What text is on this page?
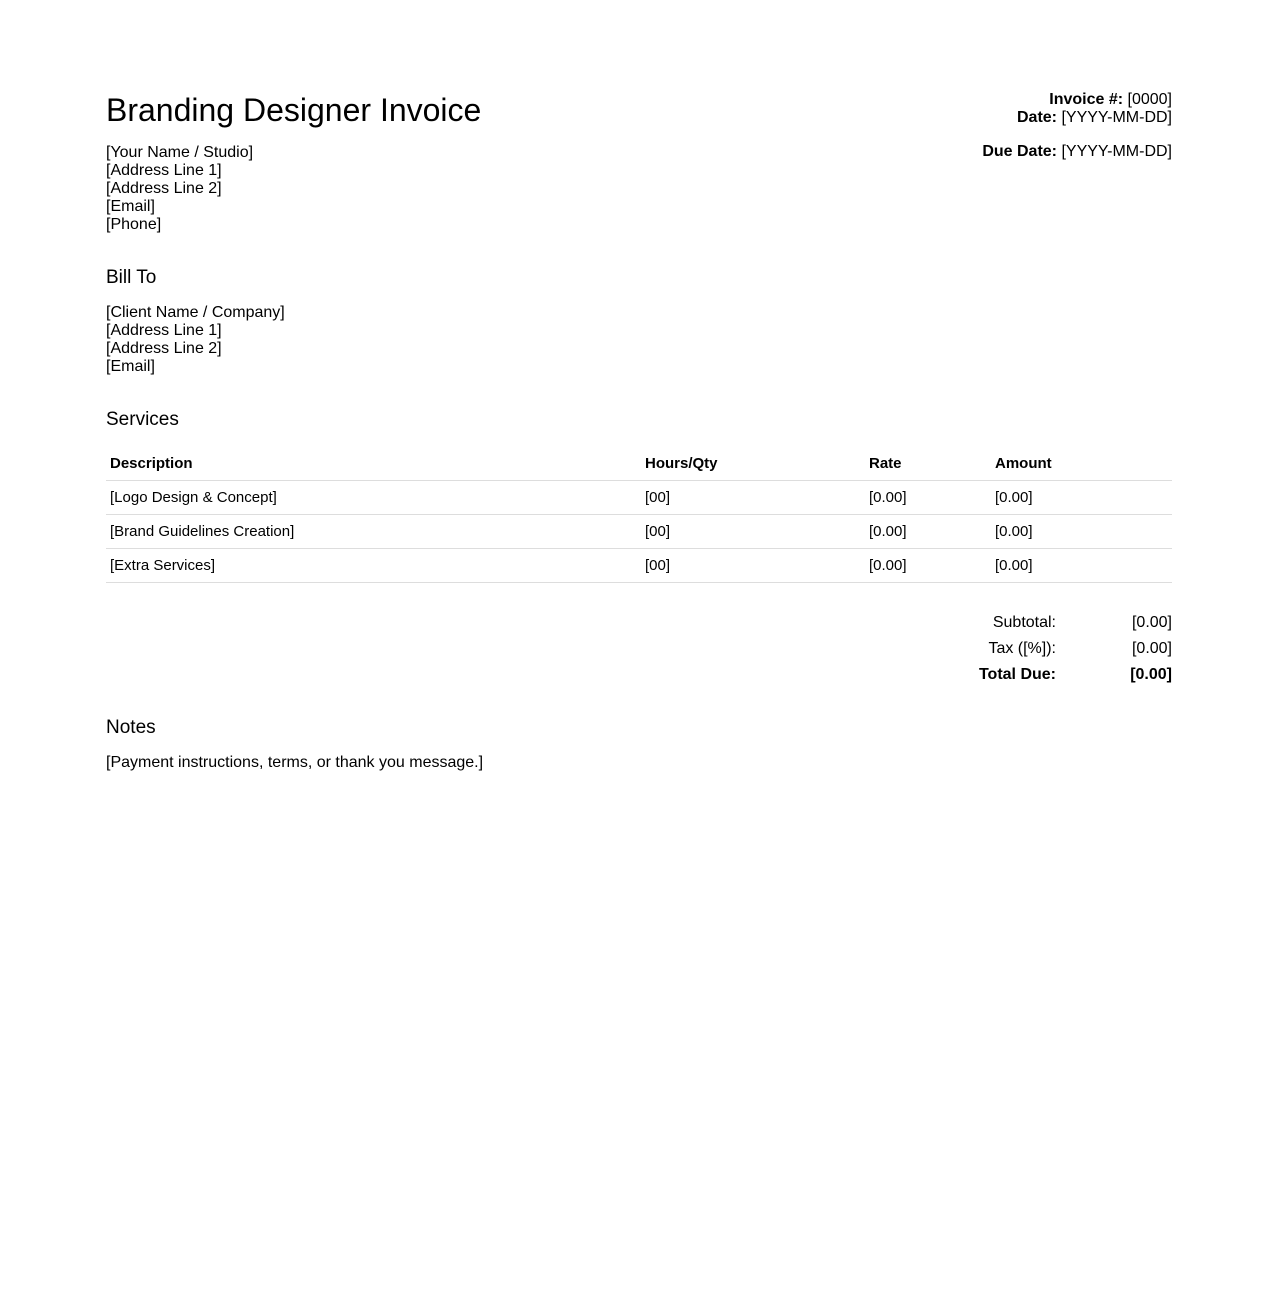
Branding Designer Invoice	Invoice #: [0000]
Date: [YYYY-MM-DD]
Due Date: [YYYY-MM-DD]
[Your Name / Studio]
[Address Line 1]
[Address Line 2]
[Email]
[Phone]
Bill To
[Client Name / Company]
[Address Line 1]
[Address Line 2]
[Email]
Services
Description	Hours/Qty	Rate	Amount
[Logo Design & Concept]	[00]	[0.00]	[0.00]
[Brand Guidelines Creation]	[00]	[0.00]	[0.00]
[Extra Services]	[00]	[0.00]	[0.00]
Subtotal:	[0.00]
Tax ([%]):	[0.00]
Total Due:	[0.00]
Notes
[Payment instructions, terms, or thank you message.]
